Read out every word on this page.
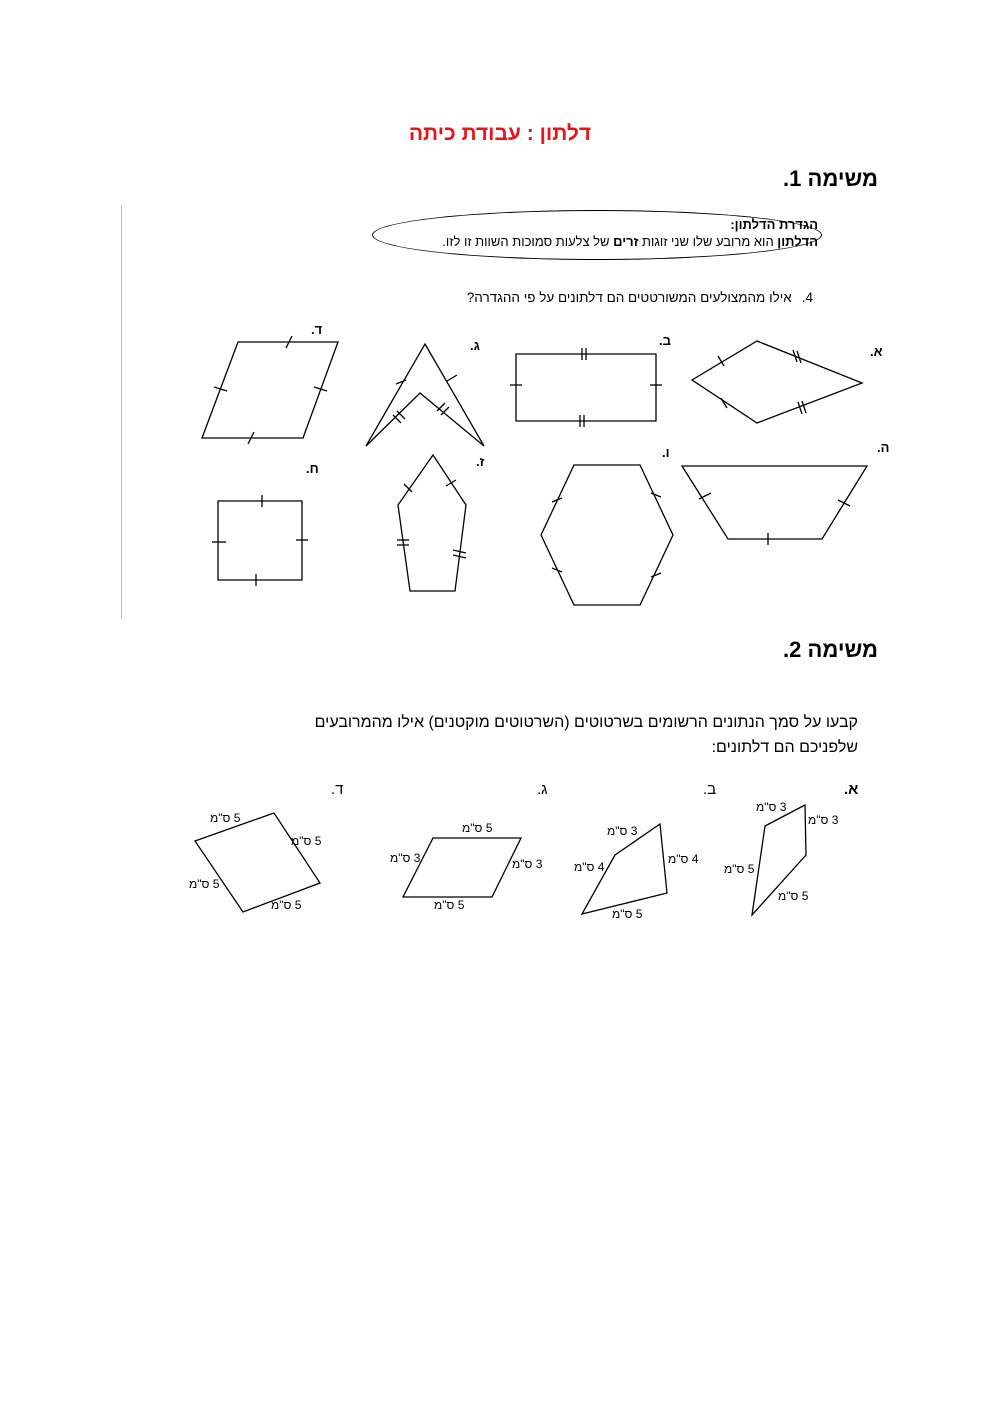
דלתון : עבודת כיתה
משימה 1.
הגדרת הדלתון:
הדלתון הוא מרובע שלו שני זוגות זרים של צלעות סמוכות השוות זו לזו.
4.אילו מהמצולעים המשורטטים הם דלתונים על פי ההגדרה?
א.
ב.
ג.
ד.
ה.
ו.
ז.
ח.
משימה 2.
קבעו על סמך הנתונים הרשומים בשרטוטים (השרטוטים מוקטנים) אילו מהמרובעים שלפניכם הם דלתונים:
א.
ב.
ג.
ד.
3 ס"מ
3 ס"מ
5 ס"מ
5 ס"מ
3 ס"מ
4 ס"מ
4 ס"מ
5 ס"מ
5 ס"מ
3 ס"מ	3 ס"מ
5 ס"מ
5 ס"מ
5 ס"מ
5 ס"מ
5 ס"מ
